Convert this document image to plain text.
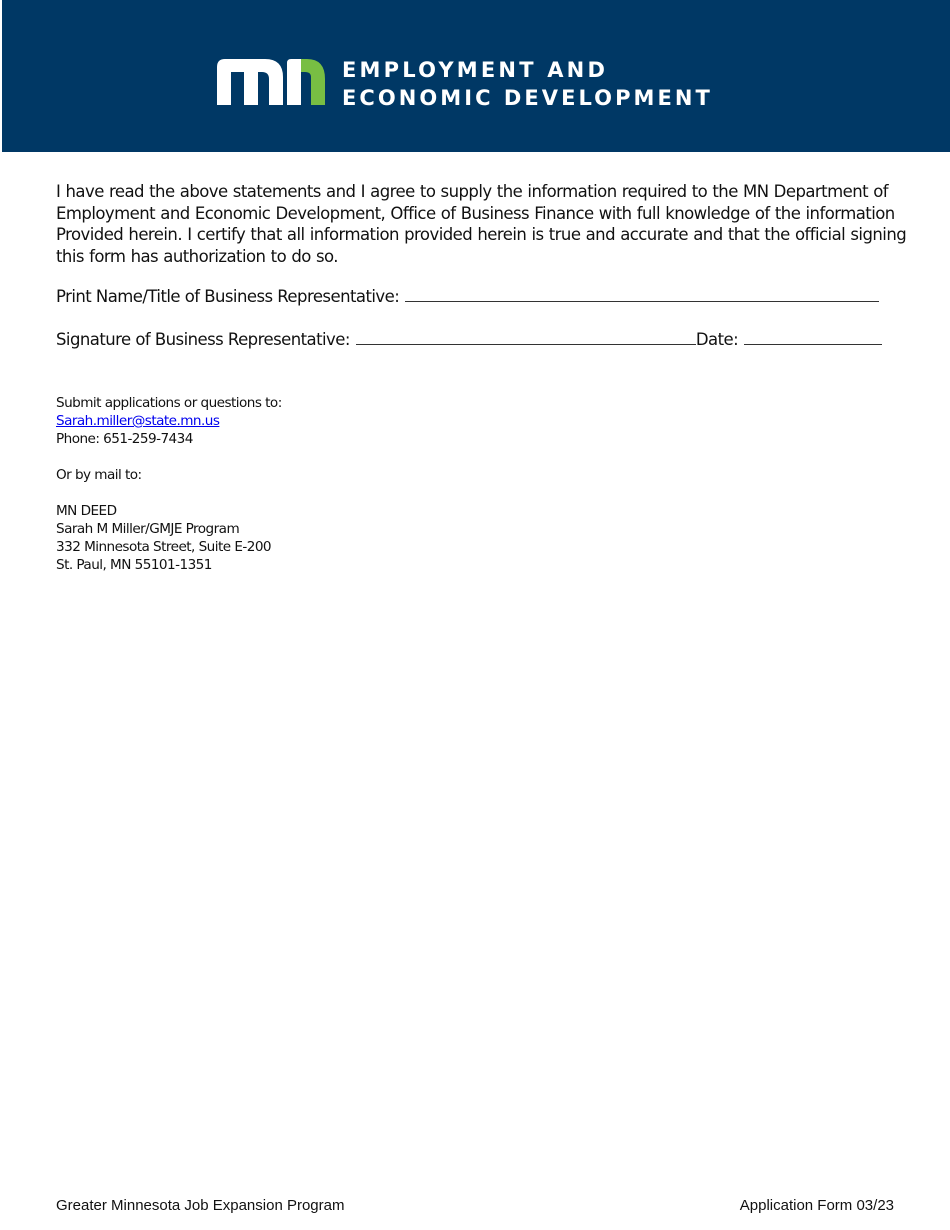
EMPLOYMENT AND
ECONOMIC DEVELOPMENT
I have read the above statements and I agree to supply the information required to the MN Department of
Employment and Economic Development, Office of Business Finance with full knowledge of the information
Provided herein. I certify that all information provided herein is true and accurate and that the official signing
this form has authorization to do so.
Print Name/Title of Business Representative:
Signature of Business Representative:	Date:
Submit applications or questions to:
Sarah.miller@state.mn.us
Phone: 651-259-7434
Or by mail to:
MN DEED
Sarah M Miller/GMJE Program
332 Minnesota Street, Suite E-200
St. Paul, MN 55101-1351
Greater Minnesota Job Expansion Program	Application Form 03/23
